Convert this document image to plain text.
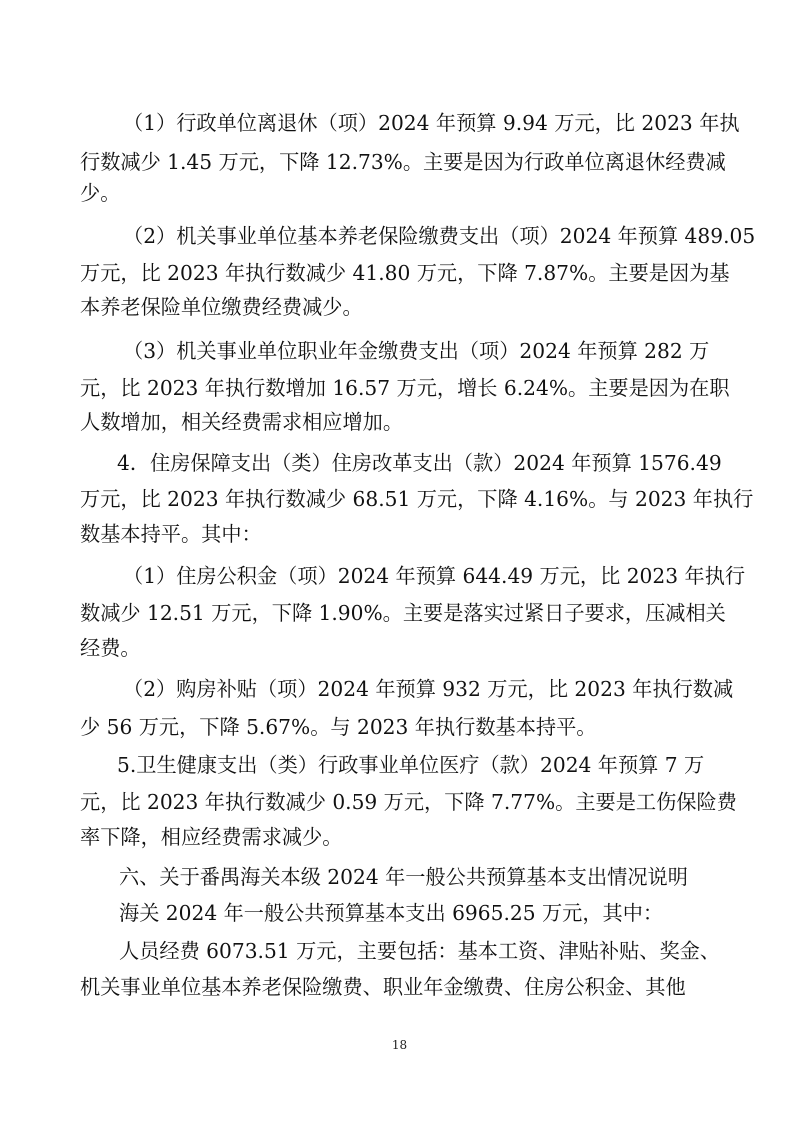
（1）行政单位离退休（项）2024 年预算 9.94 万元，比 2023 年执
行数减少 1.45 万元，下降 12.73%。主要是因为行政单位离退休经费减
少。
（2）机关事业单位基本养老保险缴费支出（项）2024 年预算 489.05
万元，比 2023 年执行数减少 41.80 万元，下降 7.87%。主要是因为基
本养老保险单位缴费经费减少。
（3）机关事业单位职业年金缴费支出（项）2024 年预算 282 万
元，比 2023 年执行数增加 16.57 万元，增长 6.24%。主要是因为在职
人数增加，相关经费需求相应增加。
4．住房保障支出（类）住房改革支出（款）2024 年预算 1576.49
万元，比 2023 年执行数减少 68.51 万元，下降 4.16%。与 2023 年执行
数基本持平。其中：
（1）住房公积金（项）2024 年预算 644.49 万元，比 2023 年执行
数减少 12.51 万元，下降 1.90%。主要是落实过紧日子要求，压减相关
经费。
（2）购房补贴（项）2024 年预算 932 万元，比 2023 年执行数减
少 56 万元，下降 5.67%。与 2023 年执行数基本持平。
5.卫生健康支出（类）行政事业单位医疗（款）2024 年预算 7 万
元，比 2023 年执行数减少 0.59 万元，下降 7.77%。主要是工伤保险费
率下降，相应经费需求减少。
六、关于番禺海关本级 2024 年一般公共预算基本支出情况说明
海关 2024 年一般公共预算基本支出 6965.25 万元，其中：
人员经费 6073.51 万元，主要包括：基本工资、津贴补贴、奖金、
机关事业单位基本养老保险缴费、职业年金缴费、住房公积金、其他
18
